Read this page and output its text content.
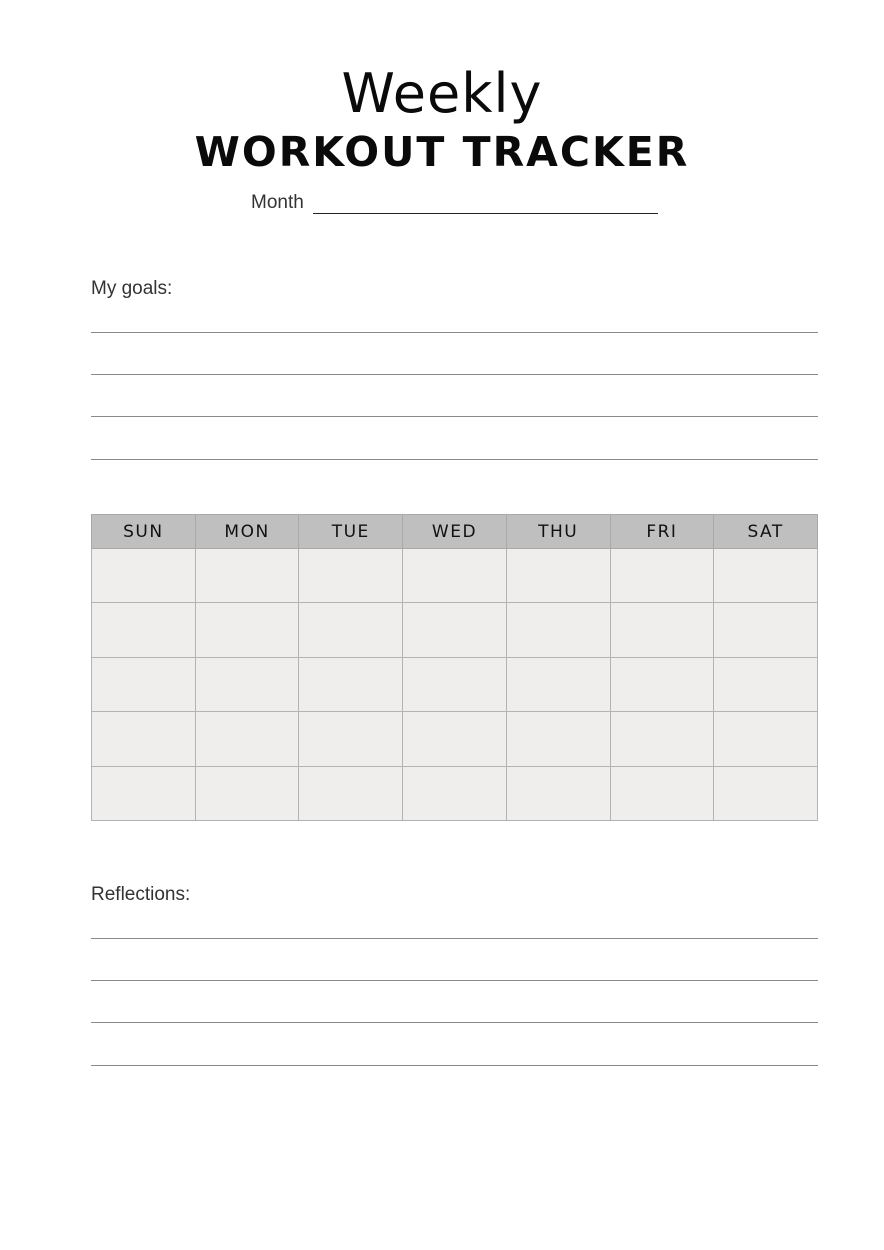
Weekly
WORKOUT TRACKER
Month
My goals:
SUN	MON	TUE	WED	THU	FRI	SAT

Reflections:
